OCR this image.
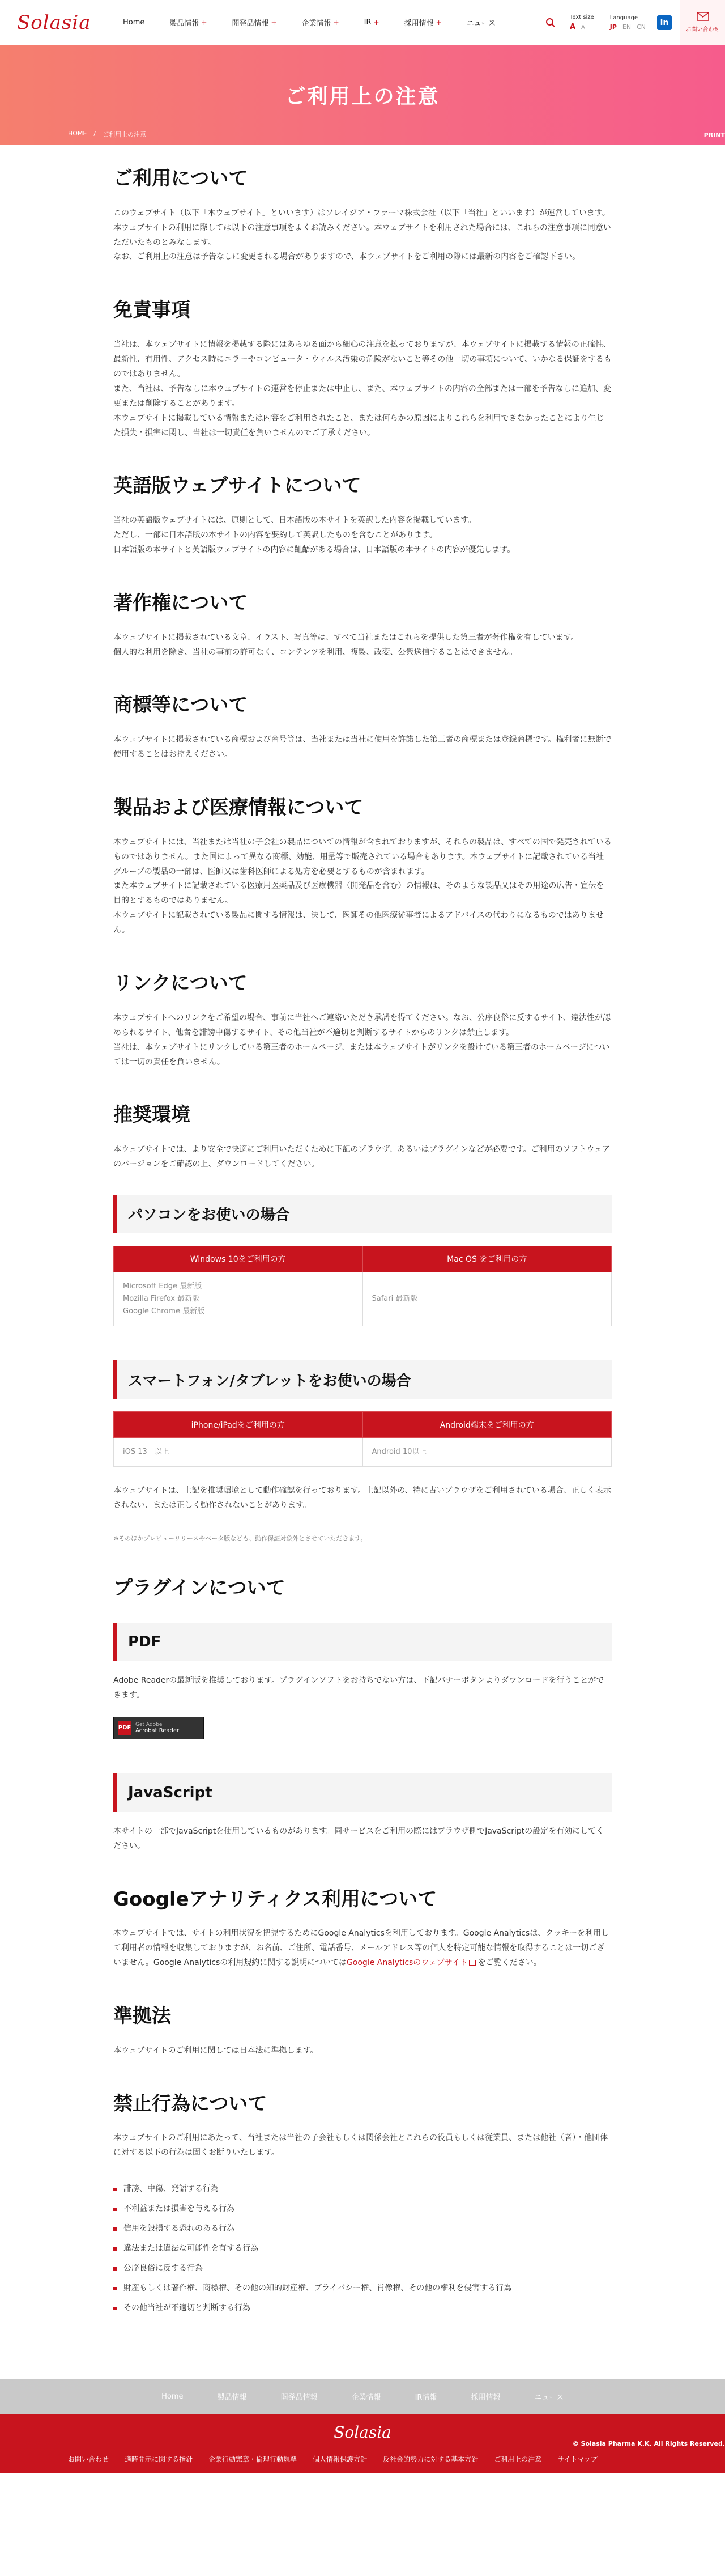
Solasia	Home	製品情報 +	開発品情報 +	企業情報 +	IR +	採用情報 +	ニュース
Text size
A A
Language
JP EN CN	in
お問い合わせ
ご利用上の注意
HOME / ご利用上の注意	PRINT
ご利用について

このウェブサイト（以下「本ウェブサイト」といいます）はソレイジア・ファーマ株式会社（以下「当社」といいます）が運営しています。
本ウェブサイトの利用に際しては以下の注意事項をよくお読みください。本ウェブサイトを利用された場合には、これらの注意事項に同意いただいたものとみなします。
なお、ご利用上の注意は予告なしに変更される場合がありますので、本ウェブサイトをご利用の際には最新の内容をご確認下さい。

免責事項

当社は、本ウェブサイトに情報を掲載する際にはあらゆる面から細心の注意を払っておりますが、本ウェブサイトに掲載する情報の正確性、最新性、有用性、アクセス時にエラーやコンピュータ・ウィルス汚染の危険がないこと等その他一切の事項について、いかなる保証をするものではありません。
また、当社は、予告なしに本ウェブサイトの運営を停止または中止し、また、本ウェブサイトの内容の全部または一部を予告なしに追加、変更または削除することがあります。
本ウェブサイトに掲載している情報または内容をご利用されたこと、または何らかの原因によりこれらを利用できなかったことにより生じた損失・損害に関し、当社は一切責任を負いませんのでご了承ください。

英語版ウェブサイトについて

当社の英語版ウェブサイトには、原則として、日本語版の本サイトを英訳した内容を掲載しています。
ただし、一部に日本語版の本サイトの内容を要約して英訳したものを含むことがあります。
日本語版の本サイトと英語版ウェブサイトの内容に齟齬がある場合は、日本語版の本サイトの内容が優先します。

著作権について

本ウェブサイトに掲載されている文章、イラスト、写真等は、すべて当社またはこれらを提供した第三者が著作権を有しています。
個人的な利用を除き、当社の事前の許可なく、コンテンツを利用、複製、改変、公衆送信することはできません。

商標等について

本ウェブサイトに掲載されている商標および商号等は、当社または当社に使用を許諾した第三者の商標または登録商標です。権利者に無断で使用することはお控えください。

製品および医療情報について

本ウェブサイトには、当社または当社の子会社の製品についての情報が含まれておりますが、それらの製品は、すべての国で発売されているものではありません。また国によって異なる商標、効能、用量等で販売されている場合もあります。本ウェブサイトに記載されている当社グループの製品の一部は、医師又は歯科医師による処方を必要とするものが含まれます。
また本ウェブサイトに記載されている医療用医薬品及び医療機器（開発品を含む）の情報は、そのような製品又はその用途の広告・宣伝を目的とするものではありません。
本ウェブサイトに記載されている製品に関する情報は、決して、医師その他医療従事者によるアドバイスの代わりになるものではありません。

リンクについて

本ウェブサイトへのリンクをご希望の場合、事前に当社へご連絡いただき承諾を得てください。なお、公序良俗に反するサイト、違法性が認められるサイト、他者を誹謗中傷するサイト、その他当社が不適切と判断するサイトからのリンクは禁止します。
当社は、本ウェブサイトにリンクしている第三者のホームページ、または本ウェブサイトがリンクを設けている第三者のホームページについては一切の責任を負いません。

推奨環境

本ウェブサイトでは、より安全で快適にご利用いただくために下記のブラウザ、あるいはプラグインなどが必要です。ご利用のソフトウェアのバージョンをご確認の上、ダウンロードしてください。

パソコンをお使いの場合
Windows 10をご利用の方	Mac OS をご利用の方
Microsoft Edge 最新版
Mozilla Firefox 最新版
Google Chrome 最新版	Safari 最新版
スマートフォン/タブレットをお使いの場合
iPhone/iPadをご利用の方	Android端末をご利用の方
iOS 13　以上	Android 10以上

本ウェブサイトは、上記を推奨環境として動作確認を行っております。上記以外の、特に古いブラウザをご利用されている場合、正しく表示されない、または正しく動作されないことがあります。

※そのほかプレビューリリースやベータ版なども、動作保証対象外とさせていただきます。

プラグインについて
PDF

Adobe Readerの最新版を推奨しております。プラグインソフトをお持ちでない方は、下記バナーボタンよりダウンロードを行うことができます。

PDF Get Adobe
Acrobat Reader
JavaScript

本サイトの一部でJavaScriptを使用しているものがあります。同サービスをご利用の際にはブラウザ側でJavaScriptの設定を有効にしてください。

Googleアナリティクス利用について

本ウェブサイトでは、サイトの利用状況を把握するためにGoogle Analyticsを利用しております。Google Analyticsは、クッキーを利用して利用者の情報を収集しておりますが、お名前、ご住所、電話番号、メールアドレス等の個人を特定可能な情報を取得することは一切ございません。Google Analyticsの利用規約に関する説明についてはGoogle Analyticsのウェブサイト をご覧ください。

準拠法

本ウェブサイトのご利用に関しては日本法に準拠します。

禁止行為について

本ウェブサイトのご利用にあたって、当社または当社の子会社もしくは関係会社とこれらの役員もしくは従業員、または他社（者）・他団体に対する以下の行為は固くお断りいたします。

誹謗、中傷、発語する行為
不利益または損害を与える行為
信用を毀損する恐れのある行為
違法または違法な可能性を有する行為
公序良俗に反する行為
財産もしくは著作権、商標権、その他の知的財産権、プライバシー権、肖像権、その他の権利を侵害する行為
その他当社が不適切と判断する行為
Home	製品情報	開発品情報	企業情報	IR情報	採用情報	ニュース
Solasia
© Solasia Pharma K.K. All Rights Reserved.
お問い合わせ 適時開示に関する指針 企業行動憲章・倫理行動規準 個人情報保護方針 反社会的勢力に対する基本方針 ご利用上の注意 サイトマップ
